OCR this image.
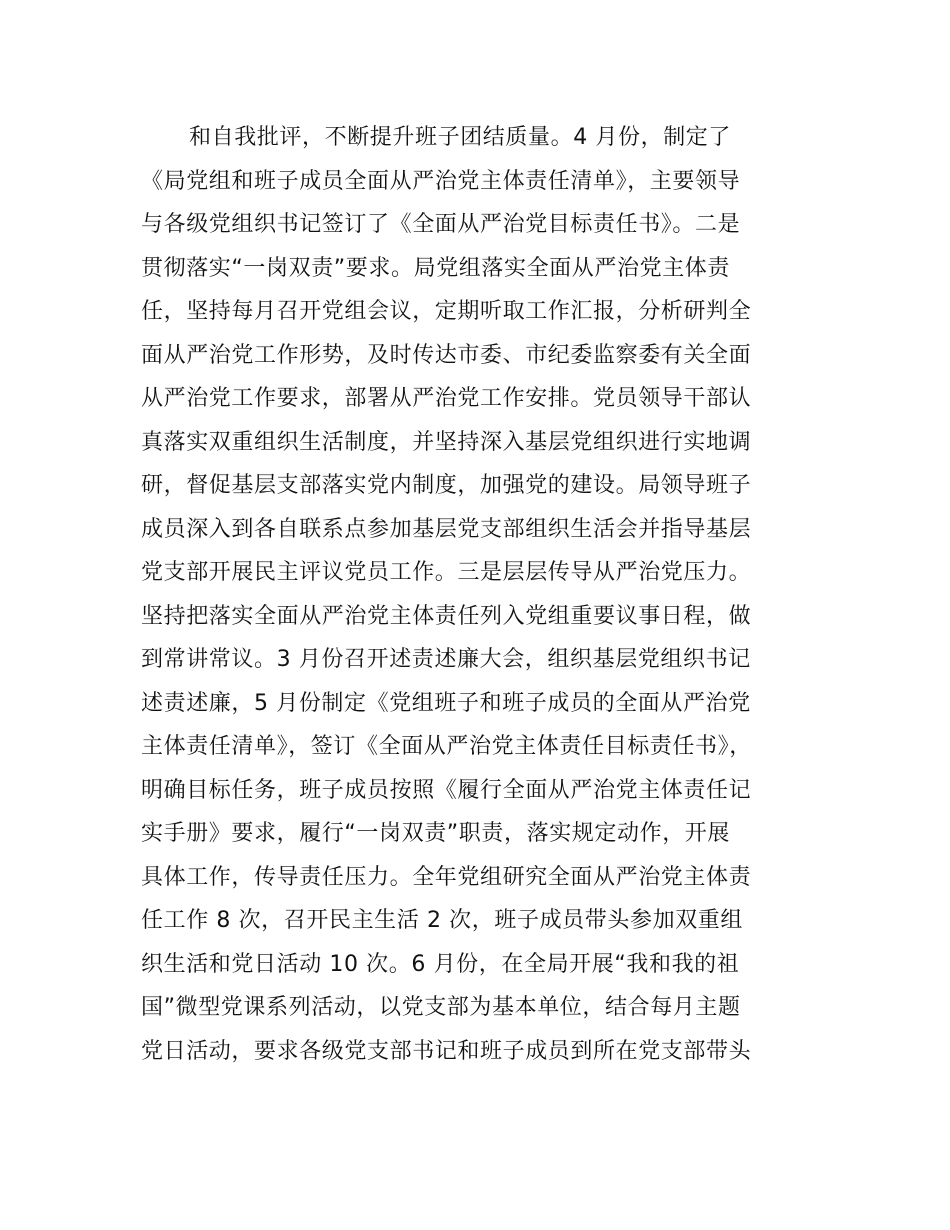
和自我批评，不断提升班子团结质量。4 月份，制定了
《局党组和班子成员全面从严治党主体责任清单》，主要领导
与各级党组织书记签订了《全面从严治党目标责任书》。二是
贯彻落实“一岗双责”要求。局党组落实全面从严治党主体责
任，坚持每月召开党组会议，定期听取工作汇报，分析研判全
面从严治党工作形势，及时传达市委、市纪委监察委有关全面
从严治党工作要求，部署从严治党工作安排。党员领导干部认
真落实双重组织生活制度，并坚持深入基层党组织进行实地调
研，督促基层支部落实党内制度，加强党的建设。局领导班子
成员深入到各自联系点参加基层党支部组织生活会并指导基层
党支部开展民主评议党员工作。三是层层传导从严治党压力。
坚持把落实全面从严治党主体责任列入党组重要议事日程，做
到常讲常议。3 月份召开述责述廉大会，组织基层党组织书记
述责述廉，5 月份制定《党组班子和班子成员的全面从严治党
主体责任清单》，签订《全面从严治党主体责任目标责任书》，
明确目标任务，班子成员按照《履行全面从严治党主体责任记
实手册》要求，履行“一岗双责”职责，落实规定动作，开展
具体工作，传导责任压力。全年党组研究全面从严治党主体责
任工作 8 次，召开民主生活 2 次，班子成员带头参加双重组
织生活和党日活动 10 次。6 月份，在全局开展“我和我的祖
国”微型党课系列活动，以党支部为基本单位，结合每月主题
党日活动，要求各级党支部书记和班子成员到所在党支部带头
